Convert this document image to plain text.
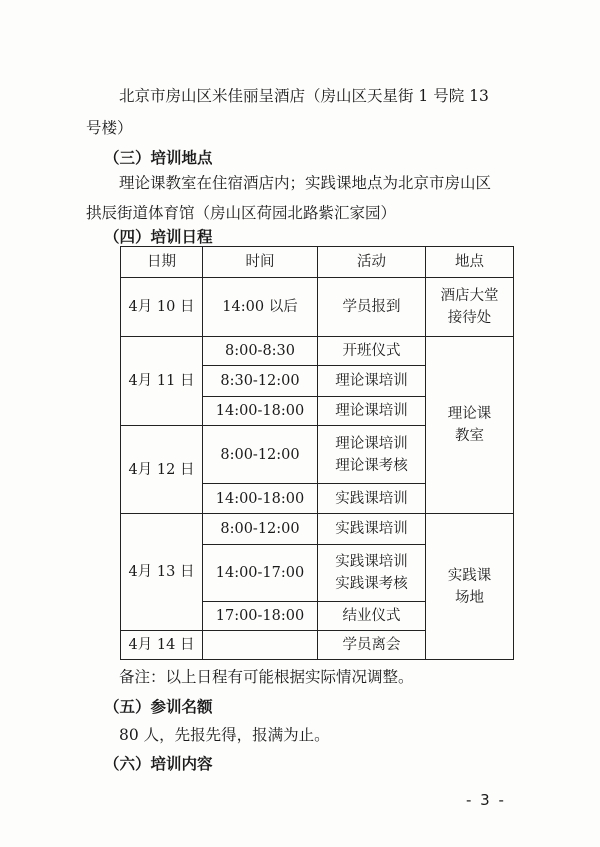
北京市房山区米佳丽呈酒店（房山区天星街 1 号院 13
号楼）
（三）培训地点
理论课教室在住宿酒店内；实践课地点为北京市房山区
拱辰街道体育馆（房山区荷园北路紫汇家园）
（四）培训日程
日期	时间	活动	地点
4月 10 日	14:00 以后	学员报到	酒店大堂
接待处

4月 11 日	8:00-8:30	开班仪式	理论课
教室

	8:30-12:00	理论课培训	
	14:00-18:00	理论课培训	
4月 12 日	8:00-12:00	理论课培训
理论课考核	

	14:00-18:00	实践课培训	
4月 13 日	8:00-12:00	实践课培训	实践课
场地

	14:00-17:00	实践课培训
实践课考核	

	17:00-18:00	结业仪式	
4月 14 日		学员离会	
备注：以上日程有可能根据实际情况调整。
（五）参训名额
80 人，先报先得，报满为止。
（六）培训内容
- 3 -
